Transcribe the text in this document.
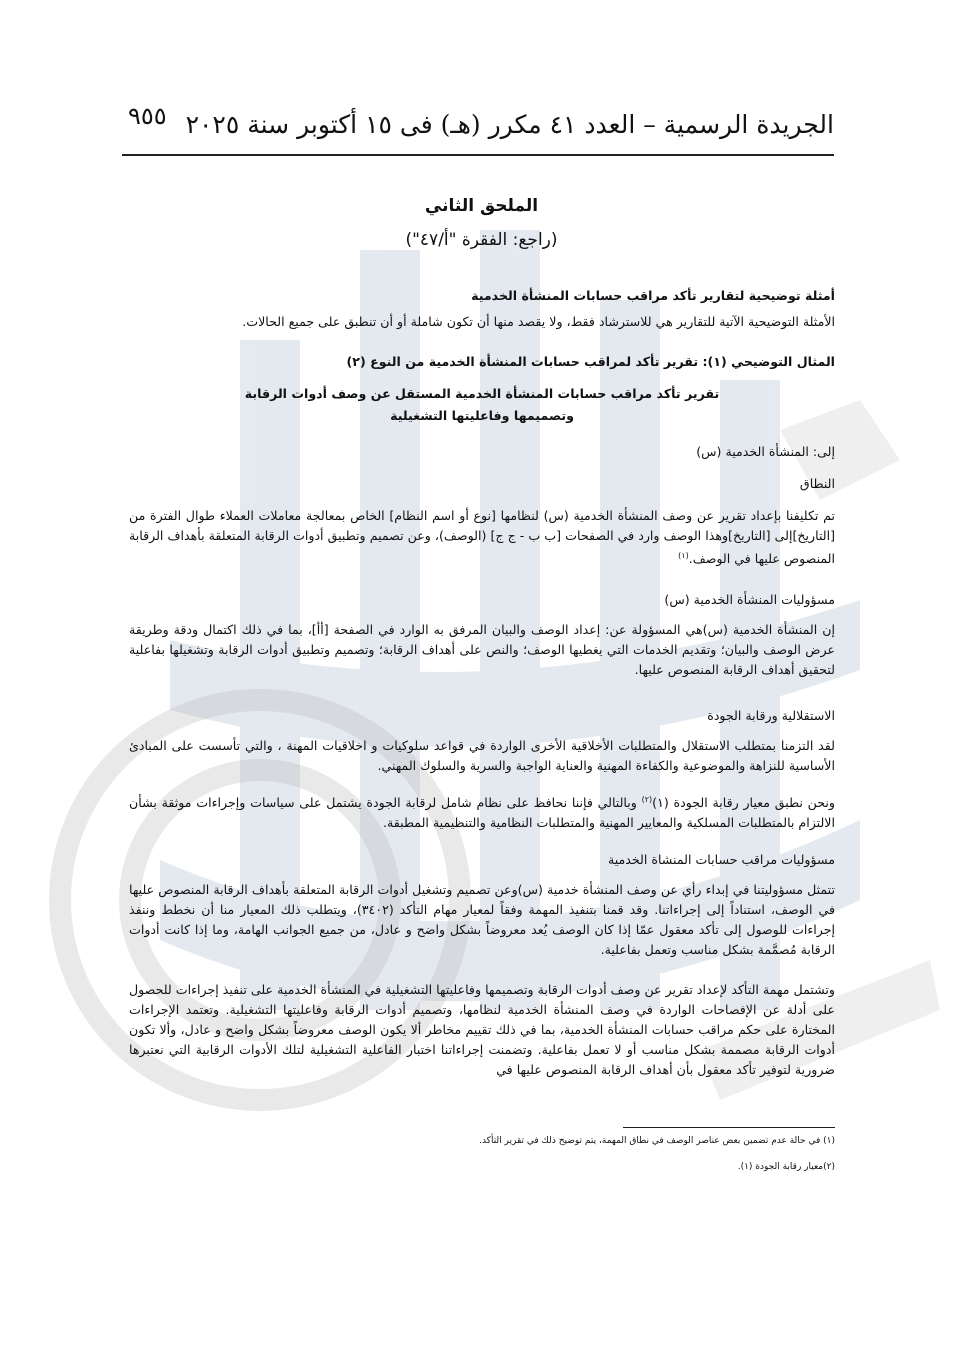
الجريدة الرسمية – العدد ٤١ مكرر (هـ) فى ١٥ أكتوبر سنة ٢٠٢٥
٩٥٥
الملحق الثاني
(راجع: الفقرة "أ/٤٧")
أمثلة توضيحية لتقارير تأكد مراقب حسابات المنشأة الخدمية
الأمثلة التوضيحية الآتية للتقارير هي للاسترشاد فقط، ولا يقصد منها أن تكون شاملة أو أن تنطبق على جميع الحالات.
المثال التوضيحي (١): تقرير تأكد لمراقب حسابات المنشأة الخدمية من النوع (٢)
تقرير تأكد مراقب حسابات المنشأة الخدمية المستقل عن وصف أدوات الرقابة
وتصميمها وفاعليتها التشغيلية
إلى: المنشأة الخدمية (س)
النطاق
تم تكليفنا بإعداد تقرير عن وصف المنشأة الخدمية (س) لنظامها [نوع أو اسم النظام] الخاص بمعالجة معاملات العملاء طوال الفترة من [التاريخ]إلى [التاريخ]وهذا الوصف وارد في الصفحات [ب ب - ج ج] (الوصف)، وعن تصميم وتطبيق أدوات الرقابة المتعلقة بأهداف الرقابة المنصوص عليها في الوصف.$^{(١)}$
مسؤوليات المنشأة الخدمية (س)
إن المنشأة الخدمية (س)هي المسؤولة عن: إعداد الوصف والبيان المرفق به الوارد في الصفحة [أأ]، بما في ذلك اكتمال ودقة وطريقة عرض الوصف والبيان؛ وتقديم الخدمات التي يغطيها الوصف؛ والنص على أهداف الرقابة؛ وتصميم وتطبيق أدوات الرقابة وتشغيلها بفاعلية لتحقيق أهداف الرقابة المنصوص عليها.
الاستقلالية ورقابة الجودة
لقد التزمنا بمتطلب الاستقلال والمتطلبات الأخلاقية الأخرى الواردة في قواعد سلوكيات و اخلاقيات المهنة ، والتي تأسست على المبادئ الأساسية للنزاهة والموضوعية والكفاءة المهنية والعناية الواجبة والسرية والسلوك المهني.
ونحن نطبق معيار رقابة الجودة (١)$^{(٢)}$ وبالتالي فإننا نحافظ على نظام شامل لرقابة الجودة يشتمل على سياسات وإجراءات موثقة بشأن الالتزام بالمتطلبات المسلكية والمعايير المهنية والمتطلبات النظامية والتنظيمية المطبقة.
مسؤوليات مراقب حسابات المنشاة الخدمية
تتمثل مسؤوليتنا في إبداء رأي عن وصف المنشأة خدمية (س)وعن تصميم وتشغيل أدوات الرقابة المتعلقة بأهداف الرقابة المنصوص عليها في الوصف، استناداً إلى إجراءاتنا. وقد قمنا بتنفيذ المهمة وفقاً لمعيار مهام التأكد (٣٤٠٢)، ويتطلب ذلك المعيار منا أن نخطط وننفذ إجراءات للوصول إلى تأكد معقول عمّا إذا كان الوصف يُعد معروضاً بشكل واضح و عادل، من جميع الجوانب الهامة، وما إذا كانت أدوات الرقابة مُصمَّمة بشكل مناسب وتعمل بفاعلية.
وتشتمل مهمة التأكد لإعداد تقرير عن وصف أدوات الرقابة وتصميمها وفاعليتها التشغيلية في المنشأة الخدمية على تنفيذ إجراءات للحصول على أدلة عن الإفصاحات الواردة في وصف المنشأة الخدمية لنظامها، وتصميم أدوات الرقابة وفاعليتها التشغيلية. وتعتمد الإجراءات المختارة على حكم مراقب حسابات المنشأة الخدمية، بما في ذلك تقييم مخاطر ألا يكون الوصف معروضاً بشكل واضح و عادل، وألا تكون أدوات الرقابة مصممة بشكل مناسب أو لا تعمل بفاعلية. وتضمنت إجراءاتنا اختبار الفاعلية التشغيلية لتلك الأدوات الرقابية التي نعتبرها ضرورية لتوفير تأكد معقول بأن أهداف الرقابة المنصوص عليها في

(١) في حالة عدم تضمين بعض عناصر الوصف في نطاق المهمة، يتم توضيح ذلك في تقرير التأكد.

(٢)معيار رقابة الجودة (١).
